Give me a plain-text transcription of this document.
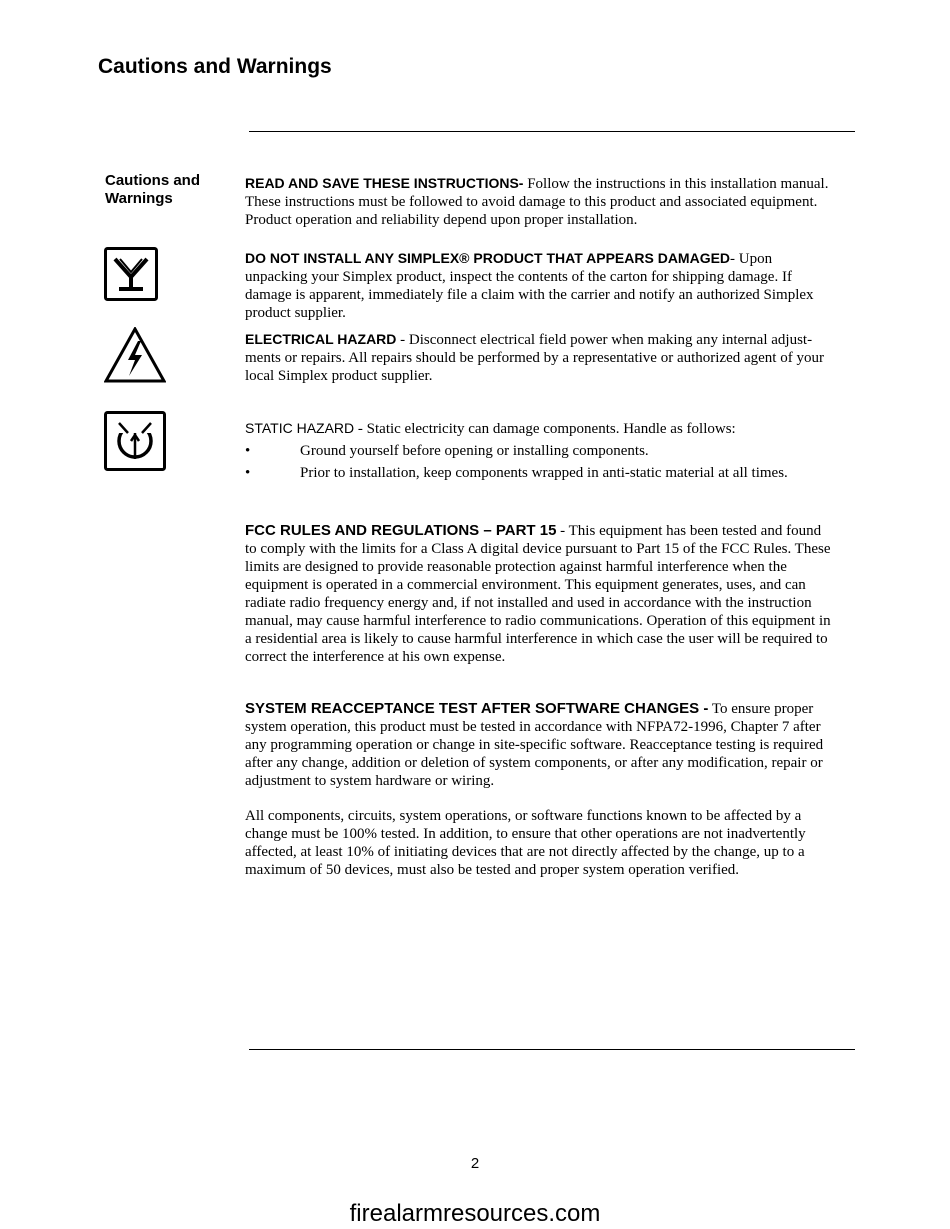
Cautions and Warnings
Cautions and Warnings
READ AND SAVE THESE INSTRUCTIONS- Follow the instructions in this installation manual. These instructions must be followed to avoid damage to this product and associated equipment. Product operation and reliability depend upon proper installation.
DO NOT INSTALL ANY SIMPLEX® PRODUCT THAT APPEARS DAMAGED- Upon unpacking your Simplex product, inspect the contents of the carton for shipping damage. If damage is apparent, immediately file a claim with the carrier and notify an authorized Simplex product supplier.
ELECTRICAL HAZARD - Disconnect electrical field power when making any internal adjust-ments or repairs. All repairs should be performed by a representative or authorized agent of your local Simplex product supplier.
STATIC HAZARD - Static electricity can damage components. Handle as follows:
•	Ground yourself before opening or installing components.
•	Prior to installation, keep components wrapped in anti-static material at all times.
FCC RULES AND REGULATIONS – PART 15 - This equipment has been tested and found to comply with the limits for a Class A digital device pursuant to Part 15 of the FCC Rules. These limits are designed to provide reasonable protection against harmful interference when the equipment is operated in a commercial environment. This equipment generates, uses, and can radiate radio frequency energy and, if not installed and used in accordance with the instruction manual, may cause harmful interference to radio communications. Operation of this equipment in a residential area is likely to cause harmful interference in which case the user will be required to correct the interference at his own expense.
SYSTEM REACCEPTANCE TEST AFTER SOFTWARE CHANGES - To ensure proper system operation, this product must be tested in accordance with NFPA72-1996, Chapter 7 after any programming operation or change in site-specific software. Reacceptance testing is required after any change, addition or deletion of system components, or after any modification, repair or adjustment to system hardware or wiring.
All components, circuits, system operations, or software functions known to be affected by a change must be 100% tested. In addition, to ensure that other operations are not inadvertently affected, at least 10% of initiating devices that are not directly affected by the change, up to a maximum of 50 devices, must also be tested and proper system operation verified.
2
firealarmresources.com
